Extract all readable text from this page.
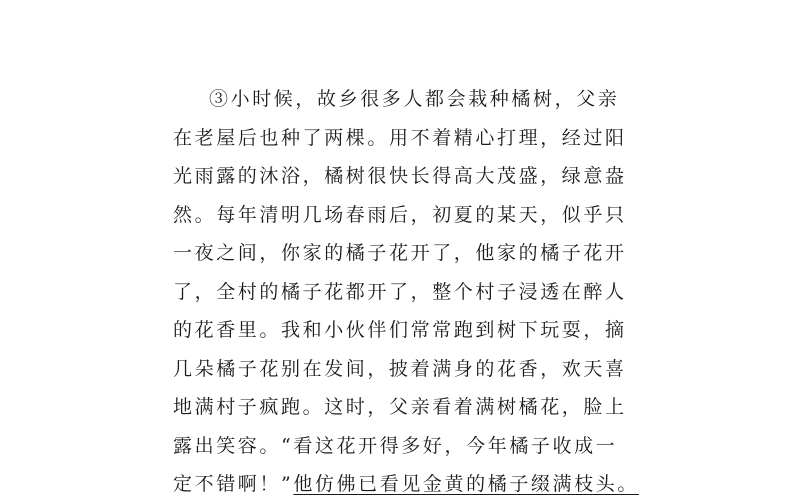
③小时候，故乡很多人都会栽种橘树，父亲
在老屋后也种了两棵。用不着精心打理，经过阳
光雨露的沐浴，橘树很快长得高大茂盛，绿意盎
然。每年清明几场春雨后，初夏的某天，似乎只
一夜之间，你家的橘子花开了，他家的橘子花开
了，全村的橘子花都开了，整个村子浸透在醉人
的花香里。我和小伙伴们常常跑到树下玩耍，摘
几朵橘子花别在发间，披着满身的花香，欢天喜
地满村子疯跑。这时，父亲看着满树橘花，脸上
露出笑容。“看这花开得多好，今年橘子收成一
定不错啊！”他仿佛已看见金黄的橘子缀满枝头。
